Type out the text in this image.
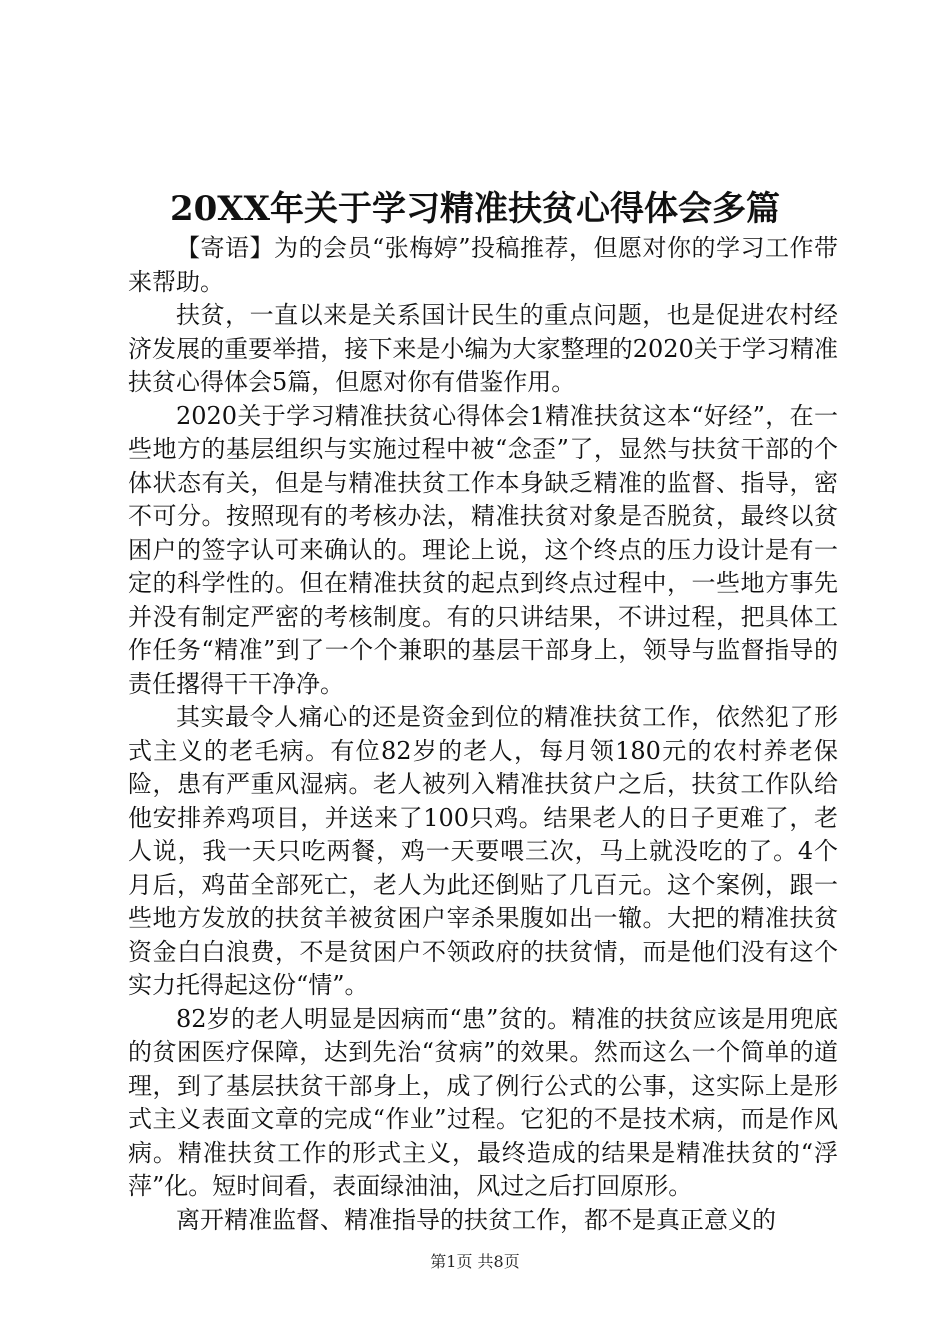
20XX年关于学习精准扶贫心得体会多篇

【寄语】为的会员“张梅婷”投稿推荐，但愿对你的学习工作带来帮助。

扶贫，一直以来是关系国计民生的重点问题，也是促进农村经济发展的重要举措，接下来是小编为大家整理的2020关于学习精准扶贫心得体会5篇，但愿对你有借鉴作用。

2020关于学习精准扶贫心得体会1精准扶贫这本“好经”，在一些地方的基层组织与实施过程中被“念歪”了，显然与扶贫干部的个体状态有关，但是与精准扶贫工作本身缺乏精准的监督、指导，密不可分。按照现有的考核办法，精准扶贫对象是否脱贫，最终以贫困户的签字认可来确认的。理论上说，这个终点的压力设计是有一定的科学性的。但在精准扶贫的起点到终点过程中，一些地方事先并没有制定严密的考核制度。有的只讲结果，不讲过程，把具体工作任务“精准”到了一个个兼职的基层干部身上，领导与监督指导的责任撂得干干净净。

其实最令人痛心的还是资金到位的精准扶贫工作，依然犯了形式主义的老毛病。有位82岁的老人，每月领180元的农村养老保险，患有严重风湿病。老人被列入精准扶贫户之后，扶贫工作队给他安排养鸡项目，并送来了100只鸡。结果老人的日子更难了，老人说，我一天只吃两餐，鸡一天要喂三次，马上就没吃的了。4个月后，鸡苗全部死亡，老人为此还倒贴了几百元。这个案例，跟一些地方发放的扶贫羊被贫困户宰杀果腹如出一辙。大把的精准扶贫资金白白浪费，不是贫困户不领政府的扶贫情，而是他们没有这个实力托得起这份“情”。

82岁的老人明显是因病而“患”贫的。精准的扶贫应该是用兜底的贫困医疗保障，达到先治“贫病”的效果。然而这么一个简单的道理，到了基层扶贫干部身上，成了例行公式的公事，这实际上是形式主义表面文章的完成“作业”过程。它犯的不是技术病，而是作风病。精准扶贫工作的形式主义，最终造成的结果是精准扶贫的“浮萍”化。短时间看，表面绿油油，风过之后打回原形。

离开精准监督、精准指导的扶贫工作，都不是真正意义的

第1页 共8页
